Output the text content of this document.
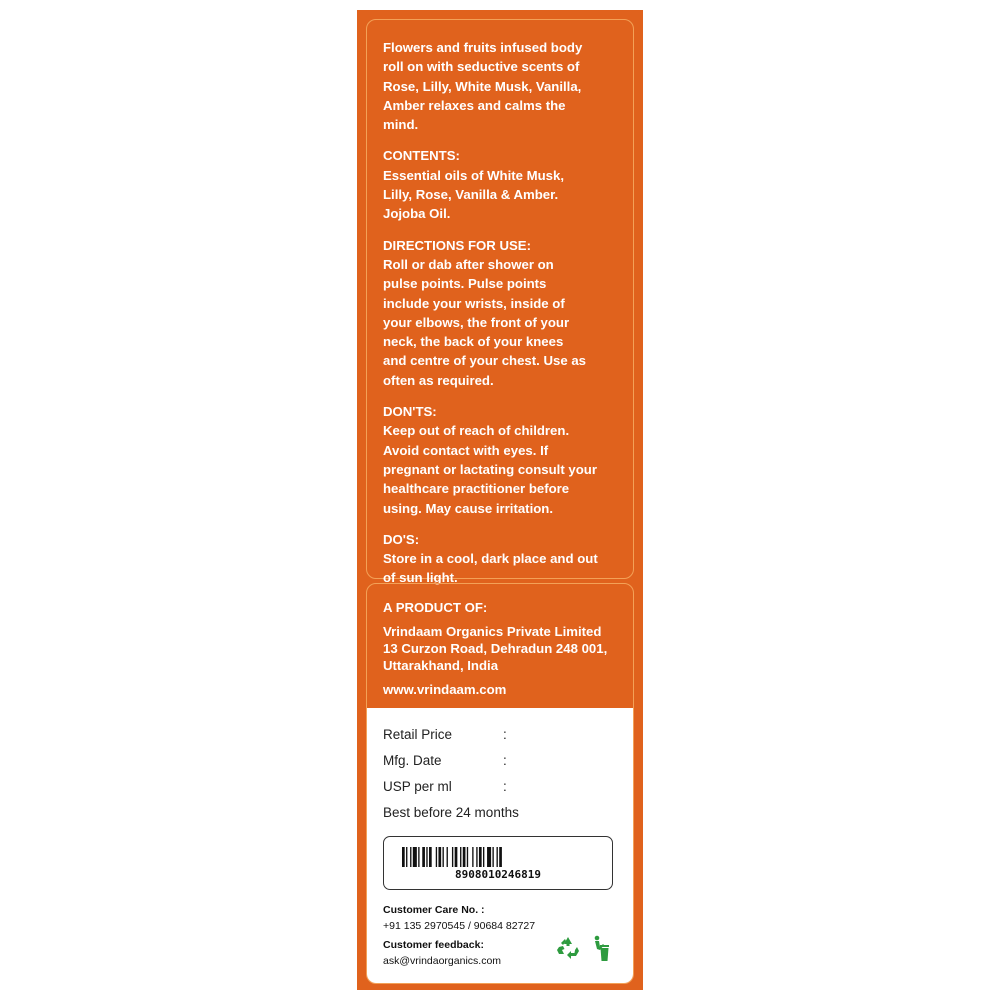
Flowers and fruits infused body

roll on with seductive scents of

Rose, Lilly, White Musk, Vanilla,

Amber relaxes and calms the

mind.

CONTENTS:

Essential oils of White Musk,

Lilly, Rose, Vanilla & Amber.

Jojoba Oil.

DIRECTIONS FOR USE:

Roll or dab after shower on

pulse points. Pulse points

include your wrists, inside of

your elbows, the front of your

neck, the back of your knees

and centre of your chest. Use as

often as required.

DON'TS:

Keep out of reach of children.

Avoid contact with eyes. If

pregnant or lactating consult your

healthcare practitioner before

using. May cause irritation.

DO'S:

Store in a cool, dark place and out

of sun light.

A PRODUCT OF:

Vrindaam Organics Private Limited

13 Curzon Road, Dehradun 248 001,

Uttarakhand, India

www.vrindaam.com

Retail Price	:
Mfg. Date	:
USP per ml	:
Best before 24 months
8908010246819
Customer Care No. :
+91 135 2970545 / 90684 82727
Customer feedback:
ask@vrindaorganics.com
